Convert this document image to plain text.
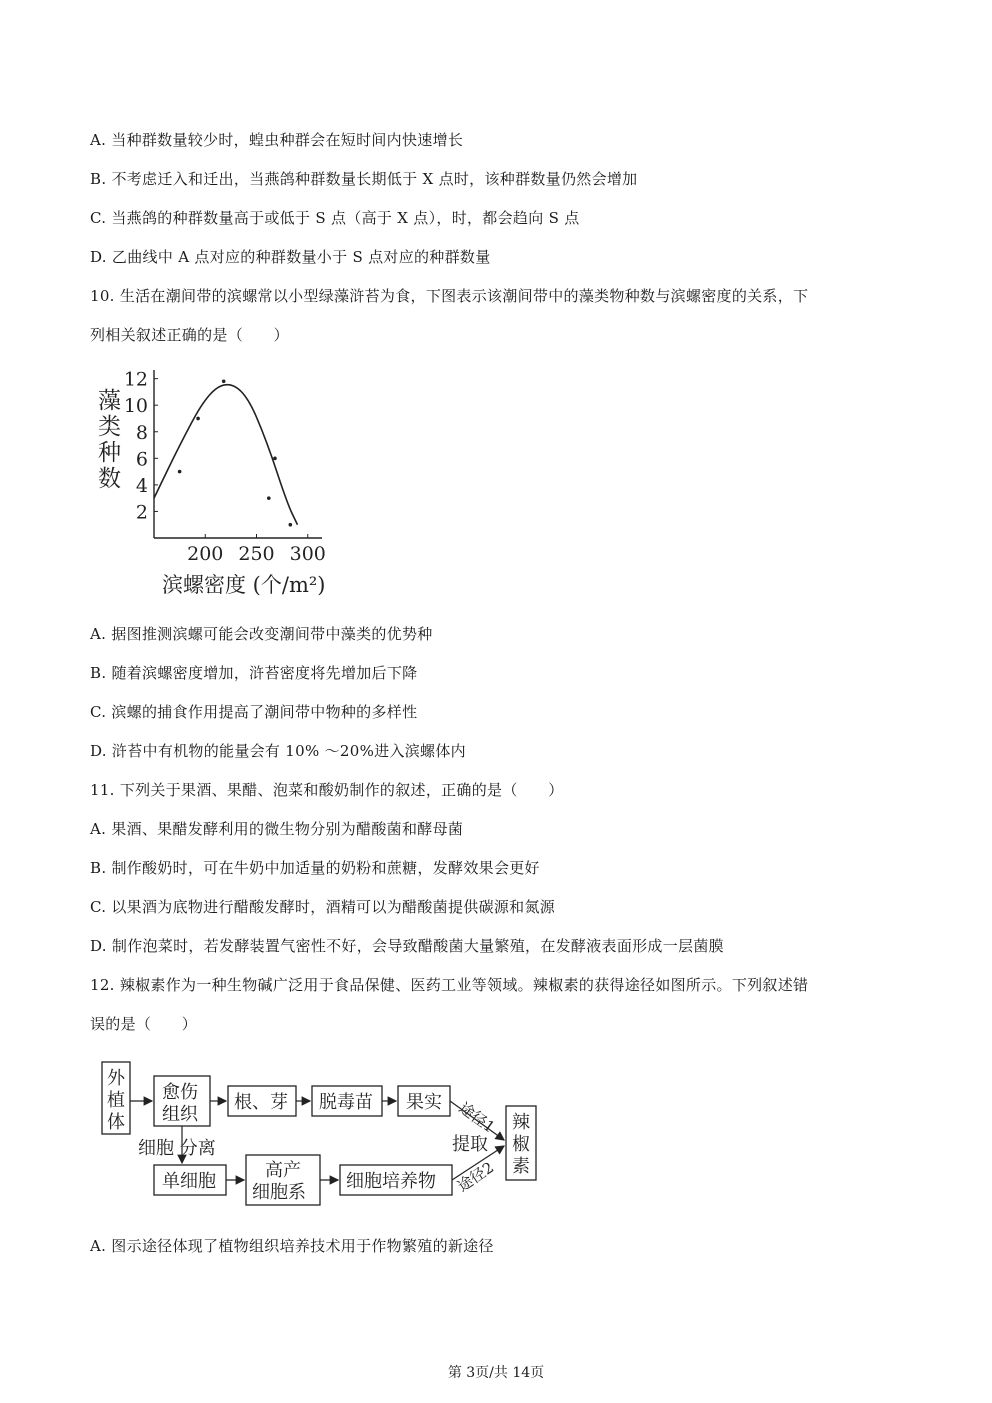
A. 当种群数量较少时，蝗虫种群会在短时间内快速增长
B. 不考虑迁入和迁出，当燕鸽种群数量长期低于 X 点时，该种群数量仍然会增加
C. 当燕鸽的种群数量高于或低于 S 点（高于 X 点），时，都会趋向 S 点
D. 乙曲线中 A 点对应的种群数量小于 S 点对应的种群数量
10. 生活在潮间带的滨螺常以小型绿藻浒苔为食，下图表示该潮间带中的藻类物种数与滨螺密度的关系，下
列相关叙述正确的是（　　）
A. 据图推测滨螺可能会改变潮间带中藻类的优势种
B. 随着滨螺密度增加，浒苔密度将先增加后下降
C. 滨螺的捕食作用提高了潮间带中物种的多样性
D. 浒苔中有机物的能量会有 10% ～20%进入滨螺体内
11. 下列关于果酒、果醋、泡菜和酸奶制作的叙述，正确的是（　　）
A. 果酒、果醋发酵利用的微生物分别为醋酸菌和酵母菌
B. 制作酸奶时，可在牛奶中加适量的奶粉和蔗糖，发酵效果会更好
C. 以果酒为底物进行醋酸发酵时，酒精可以为醋酸菌提供碳源和氮源
D. 制作泡菜时，若发酵装置气密性不好，会导致醋酸菌大量繁殖，在发酵液表面形成一层菌膜
12. 辣椒素作为一种生物碱广泛用于食品保健、医药工业等领域。辣椒素的获得途径如图所示。下列叙述错
误的是（　　）
A. 图示途径体现了植物组织培养技术用于作物繁殖的新途径
藻
类
种
数
2
4
6
8
10
12
200 250 300
滨螺密度 (个/m²)
外
植
体
愈伤
组织
根、芽 脱毒苗 果实
辣
椒
素
单细胞
高产
细胞系
细胞培养物
细胞 分离	提取
途径1
途径2
第 3页/共 14页
